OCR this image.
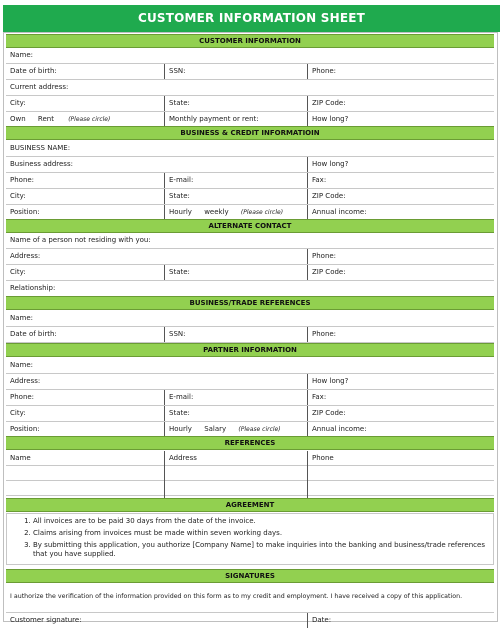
CUSTOMER INFORMATION SHEET
CUSTOMER INFORMATION
Name:
Date of birth:	SSN:	Phone:
Current address:
City:	State:	ZIP Code:
Own Rent (Please circle)	Monthly payment or rent:	How long?
BUSINESS & CREDIT INFORMATIOIN
BUSINESS NAME:
Business address:	How long?
Phone:	E-mail:	Fax:
City:	State:	ZIP Code:
Position:	Hourly weekly (Please circle)	Annual income:
ALTERNATE CONTACT
Name of a person not residing with you:
Address:	Phone:
City:	State:	ZIP Code:
Relationship:
BUSINESS/TRADE REFERENCES
Name:
Date of birth:	SSN:	Phone:
PARTNER INFORMATION
Name:
Address:	How long?
Phone:	E-mail:	Fax:
City:	State:	ZIP Code:
Position:	Hourly Salary (Please circle)	Annual income:
REFERENCES
Name	Address	Phone
AGREEMENT
1. All invoices are to be paid 30 days from the date of the invoice.
2. Claims arising from invoices must be made within seven working days.
3. By submitting this application, you authorize [Company Name] to make inquiries into the banking and business/trade references that you have supplied.
SIGNATURES
I authorize the verification of the information provided on this form as to my credit and employment. I have received a copy of this application.
Customer signature:	Date:
